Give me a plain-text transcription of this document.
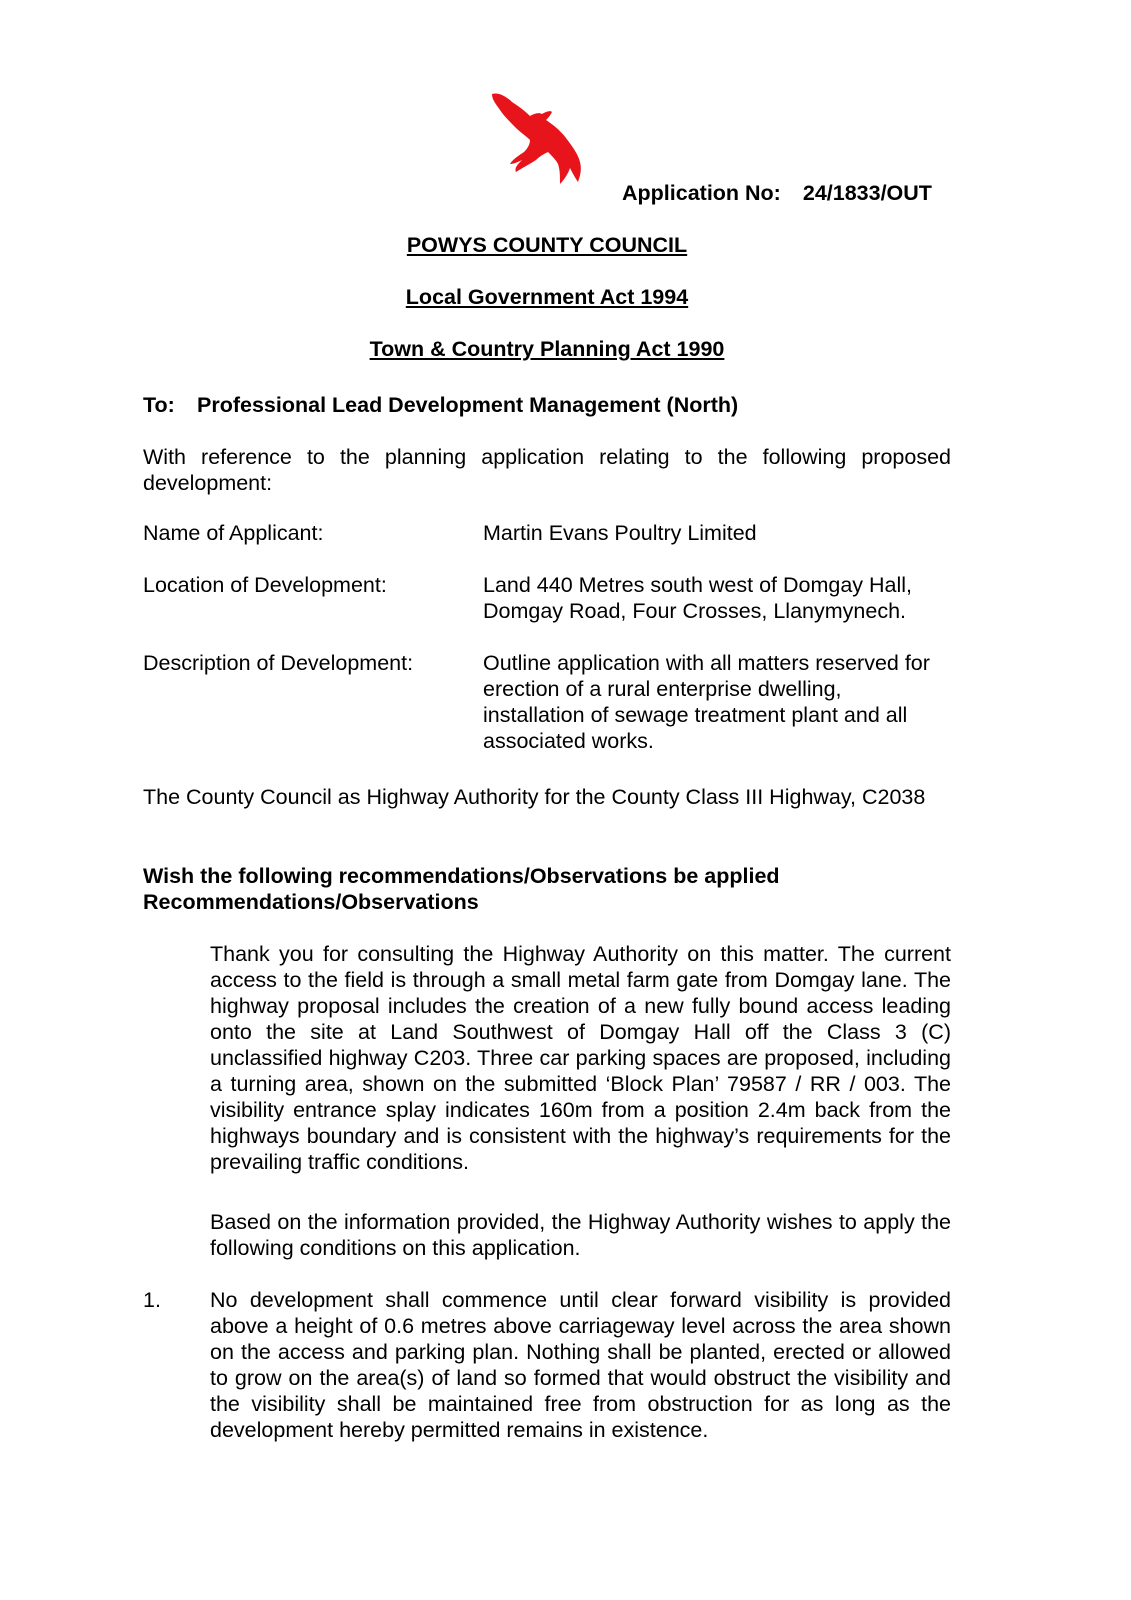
Application No: 24/1833/OUT
POWYS COUNTY COUNCIL
Local Government Act 1994
Town & Country Planning Act 1990
To: Professional Lead Development Management (North)
With reference to the planning application relating to the following proposed development:
Name of Applicant:	Martin Evans Poultry Limited
Location of Development:	Land 440 Metres south west of Domgay Hall,
Domgay Road, Four Crosses, Llanymynech.
Description of Development:	Outline application with all matters reserved for erection of a rural enterprise dwelling, installation of sewage treatment plant and all associated works.
The County Council as Highway Authority for the County Class III Highway, C2038
Wish the following recommendations/Observations be applied
Recommendations/Observations
Thank you for consulting the Highway Authority on this matter. The current access to the field is through a small metal farm gate from Domgay lane. The highway proposal includes the creation of a new fully bound access leading onto the site at Land Southwest of Domgay Hall off the Class 3 (C) unclassified highway C203. Three car parking spaces are proposed, including a turning area, shown on the submitted ‘Block Plan’ 79587 / RR / 003. The visibility entrance splay indicates 160m from a position 2.4m back from the highways boundary and is consistent with the highway’s requirements for the prevailing traffic conditions.
Based on the information provided, the Highway Authority wishes to apply the following conditions on this application.
1. No development shall commence until clear forward visibility is provided above a height of 0.6 metres above carriageway level across the area shown on the access and parking plan. Nothing shall be planted, erected or allowed to grow on the area(s) of land so formed that would obstruct the visibility and the visibility shall be maintained free from obstruction for as long as the development hereby permitted remains in existence.
